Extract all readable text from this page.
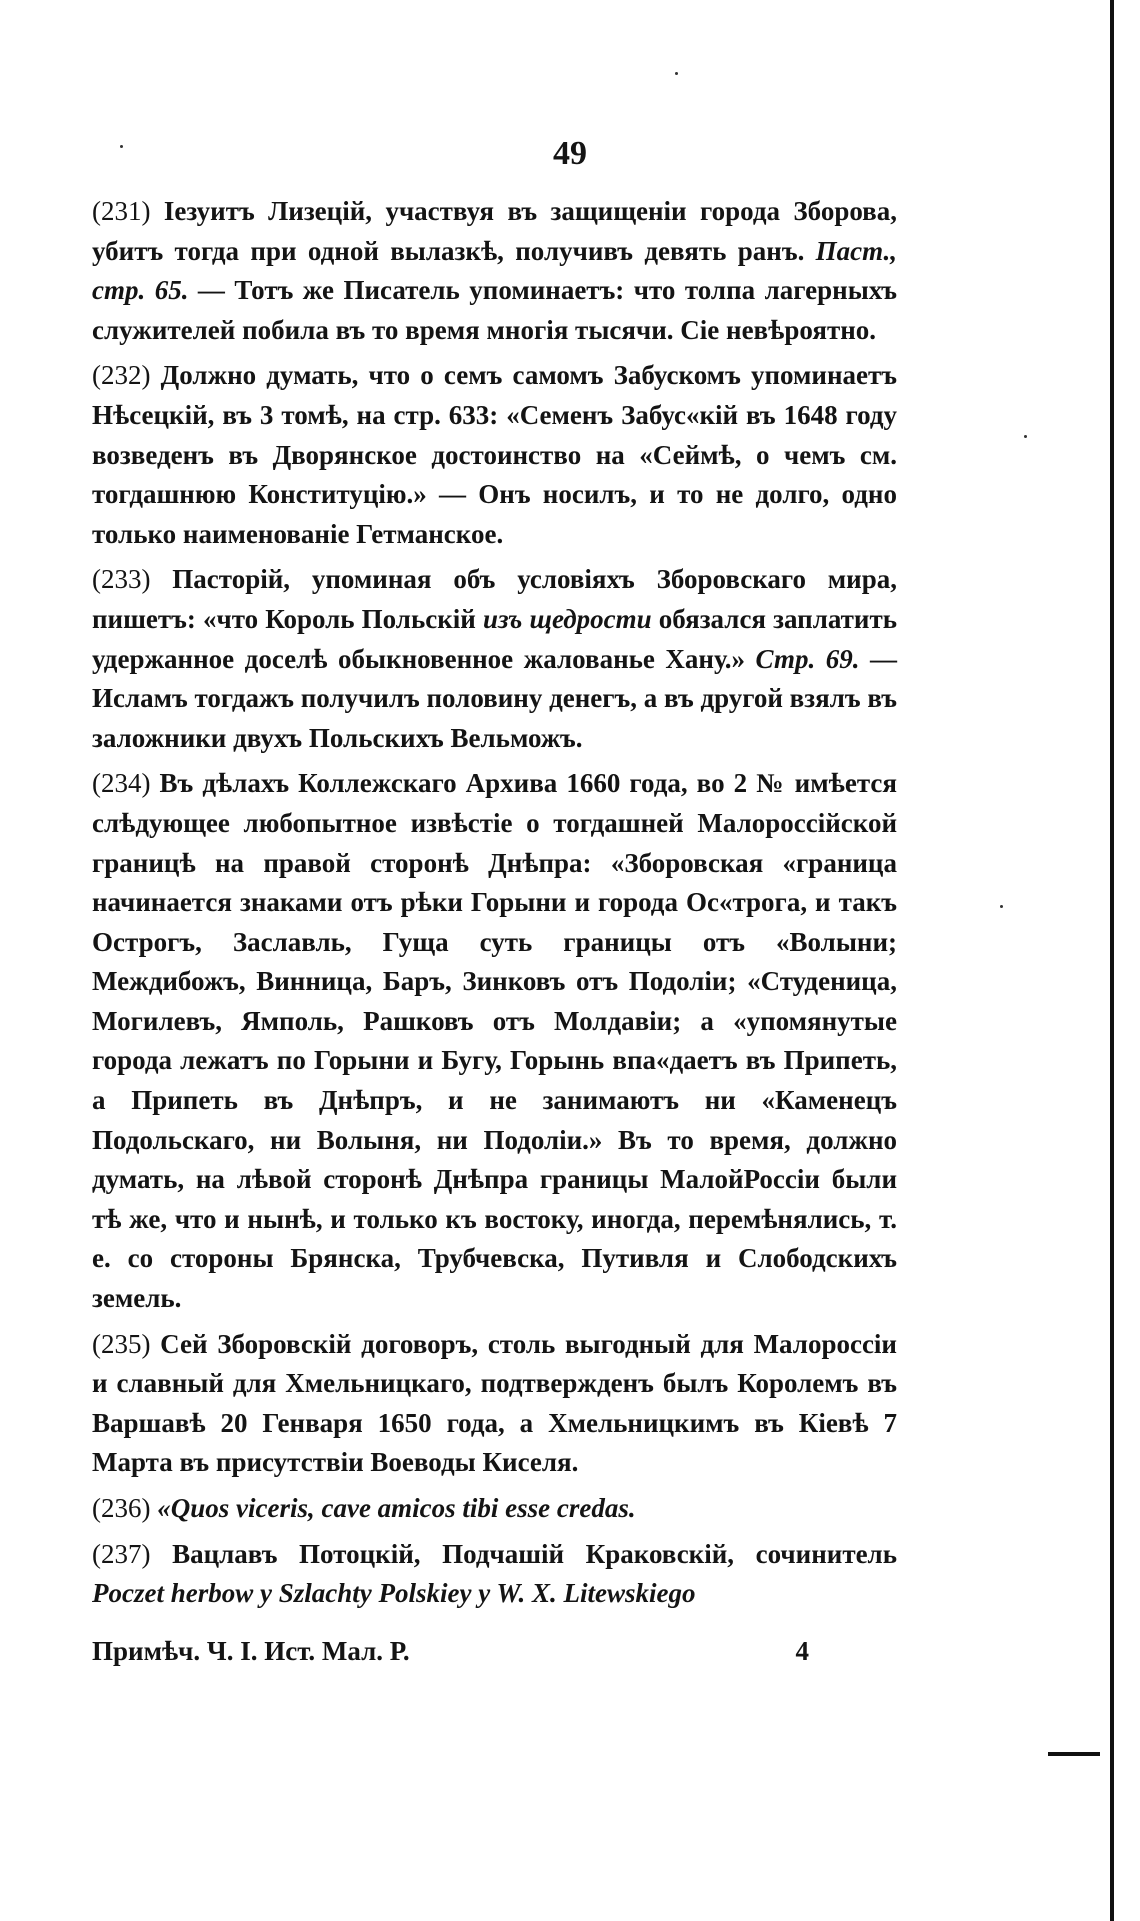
49

(231) Iезуитъ Лизецiй, участвуя въ защищенiи города Зборова, убитъ тогда при одной вылазкѣ, получивъ девять ранъ. Паст., стр. 65. — Тотъ же Писатель упоминаетъ: что толпа лагерныхъ служителей побила въ то время многiя тысячи. Сiе невѣроятно.

(232) Должно думать, что о семъ самомъ Забускомъ упоминаетъ Нѣсецкiй, въ 3 томѣ, на стр. 633: «Семенъ Забус«кiй въ 1648 году возведенъ въ Дворянское достоинство на «Сеймѣ, о чемъ см. тогдашнюю Конституцiю.» — Онъ носилъ, и то не долго, одно только наименованiе Гетманское.

(233) Пасторiй, упоминая объ условiяхъ Зборовскаго мира, пишетъ: «что Король Польскiй изъ щедрости обязался заплатить удержанное доселѣ обыкновенное жалованье Хану.» Стр. 69. — Исламъ тогдажъ получилъ половину денегъ, а въ другой взялъ въ заложники двухъ Польскихъ Вельможъ.

(234) Въ дѣлахъ Коллежскаго Архива 1660 года, во 2 № имѣется слѣдующее любопытное извѣстiе о тогдашней Малороссiйской границѣ на правой сторонѣ Днѣпра: «Зборовская «граница начинается знаками отъ рѣки Горыни и города Ос«трога, и такъ Острогъ, Заславль, Гуща суть границы отъ «Волыни; Междибожъ, Винница, Баръ, Зинковъ отъ Подолiи; «Студеница, Могилевъ, Ямполь, Рашковъ отъ Молдавiи; а «упомянутые города лежатъ по Горыни и Бугу, Горынь впа«даетъ въ Припеть, а Припеть въ Днѣпръ, и не занимаютъ ни «Каменецъ Подольскаго, ни Волыня, ни Подолiи.» Въ то время, должно думать, на лѣвой сторонѣ Днѣпра границы МалойРоссiи были тѣ же, что и нынѣ, и только къ востоку, иногда, перемѣнялись, т. е. со стороны Брянска, Трубчевска, Путивля и Слободскихъ земель.

(235) Сей Зборовскiй договоръ, столь выгодный для Малороссiи и славный для Хмельницкаго, подтвержденъ былъ Королемъ въ Варшавѣ 20 Генваря 1650 года, а Хмельницкимъ въ Кiевѣ 7 Марта въ присутствiи Воеводы Киселя.

(236) «Quos viceris, cave amicos tibi esse credas.

(237) Вацлавъ Потоцкiй, Подчашiй Краковскiй, сочинитель Poczet herbow y Szlachty Polskiey y W. X. Litewskiego

Примѣч. Ч. I. Ист. Мал. Р.	4
